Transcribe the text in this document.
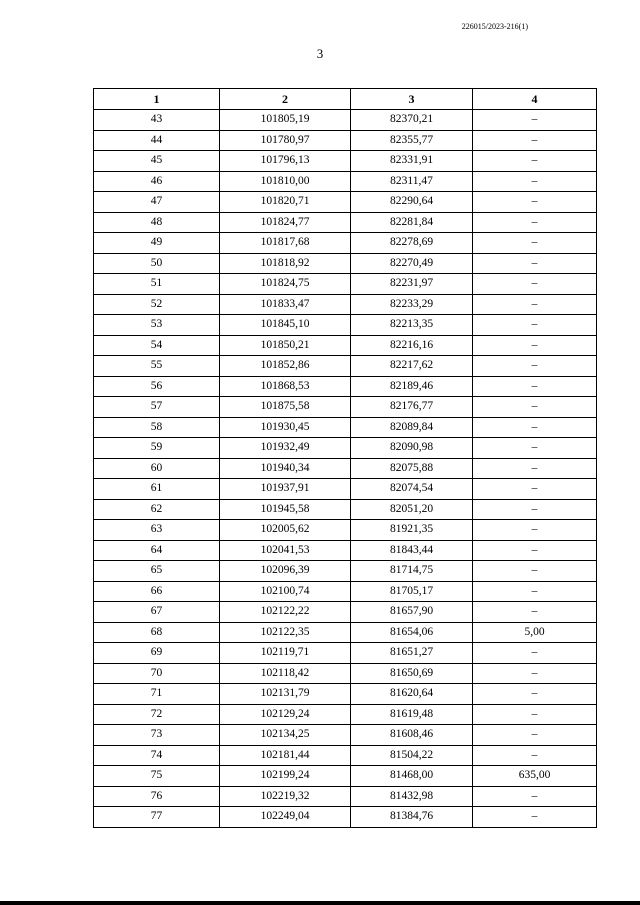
226015/2023-216(1)
3
1	2	3	4
43	101805,19	82370,21	–
44	101780,97	82355,77	–
45	101796,13	82331,91	–
46	101810,00	82311,47	–
47	101820,71	82290,64	–
48	101824,77	82281,84	–
49	101817,68	82278,69	–
50	101818,92	82270,49	–
51	101824,75	82231,97	–
52	101833,47	82233,29	–
53	101845,10	82213,35	–
54	101850,21	82216,16	–
55	101852,86	82217,62	–
56	101868,53	82189,46	–
57	101875,58	82176,77	–
58	101930,45	82089,84	–
59	101932,49	82090,98	–
60	101940,34	82075,88	–
61	101937,91	82074,54	–
62	101945,58	82051,20	–
63	102005,62	81921,35	–
64	102041,53	81843,44	–
65	102096,39	81714,75	–
66	102100,74	81705,17	–
67	102122,22	81657,90	–
68	102122,35	81654,06	5,00
69	102119,71	81651,27	–
70	102118,42	81650,69	–
71	102131,79	81620,64	–
72	102129,24	81619,48	–
73	102134,25	81608,46	–
74	102181,44	81504,22	–
75	102199,24	81468,00	635,00
76	102219,32	81432,98	–
77	102249,04	81384,76	–
